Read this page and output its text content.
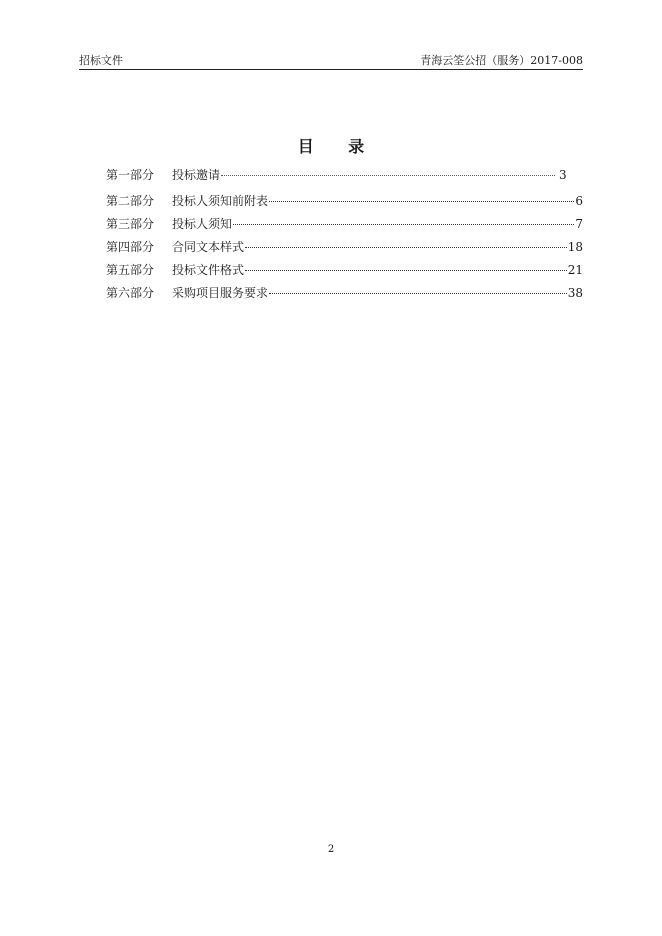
招标文件	青海云筌公招（服务）2017-008
目 录
第一部分	投标邀请	3
第二部分	投标人须知前附表	6
第三部分	投标人须知	7
第四部分	合同文本样式	18
第五部分	投标文件格式	21
第六部分	采购项目服务要求	38
2
